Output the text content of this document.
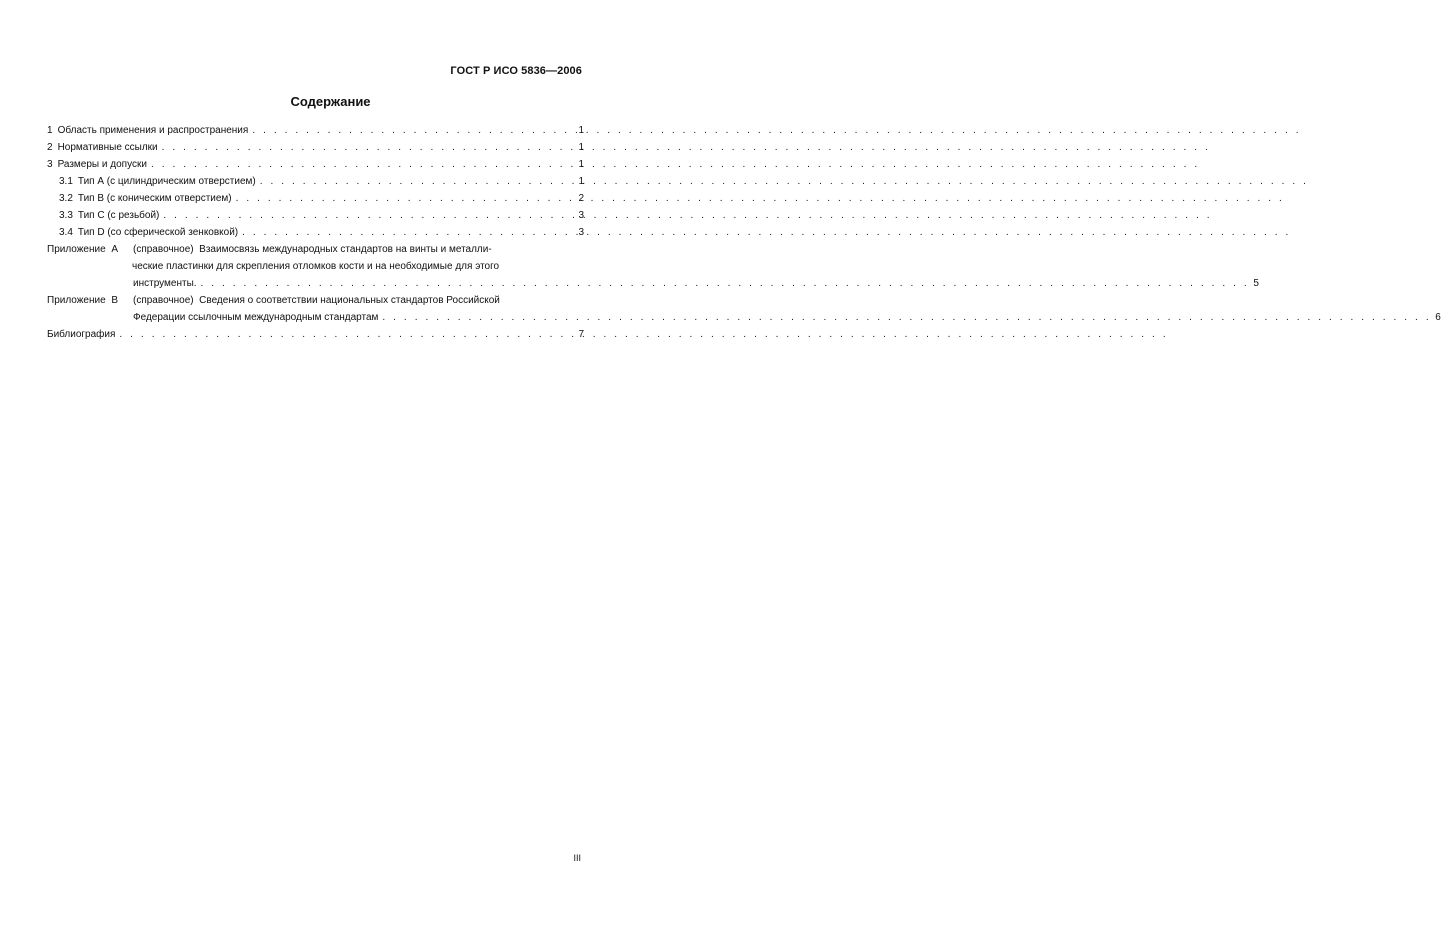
ГОСТ Р ИСО 5836—2006
Содержание
1 Область применения и распространения . . .	1
2 Нормативные ссылки . . .	1
3 Размеры и допуски . . .	1
3.1 Тип А (с цилиндрическим отверстием) . . .	1
3.2 Тип В (с коническим отверстием) . . .	2
3.3 Тип С (с резьбой) . . .	3
3.4 Тип D (со сферической зенковкой) . . .	3
Приложение А	(справочное) Взаимосвязь международных стандартов на винты и металли-
ческие пластинки для скрепления отломков кости и на необходимые для этого
инструменты. . . .	5
Приложение В	(справочное) Сведения о соответствии национальных стандартов Российской
Федерации ссылочным международным стандартам . . .	6
Библиография . . .	7
III
